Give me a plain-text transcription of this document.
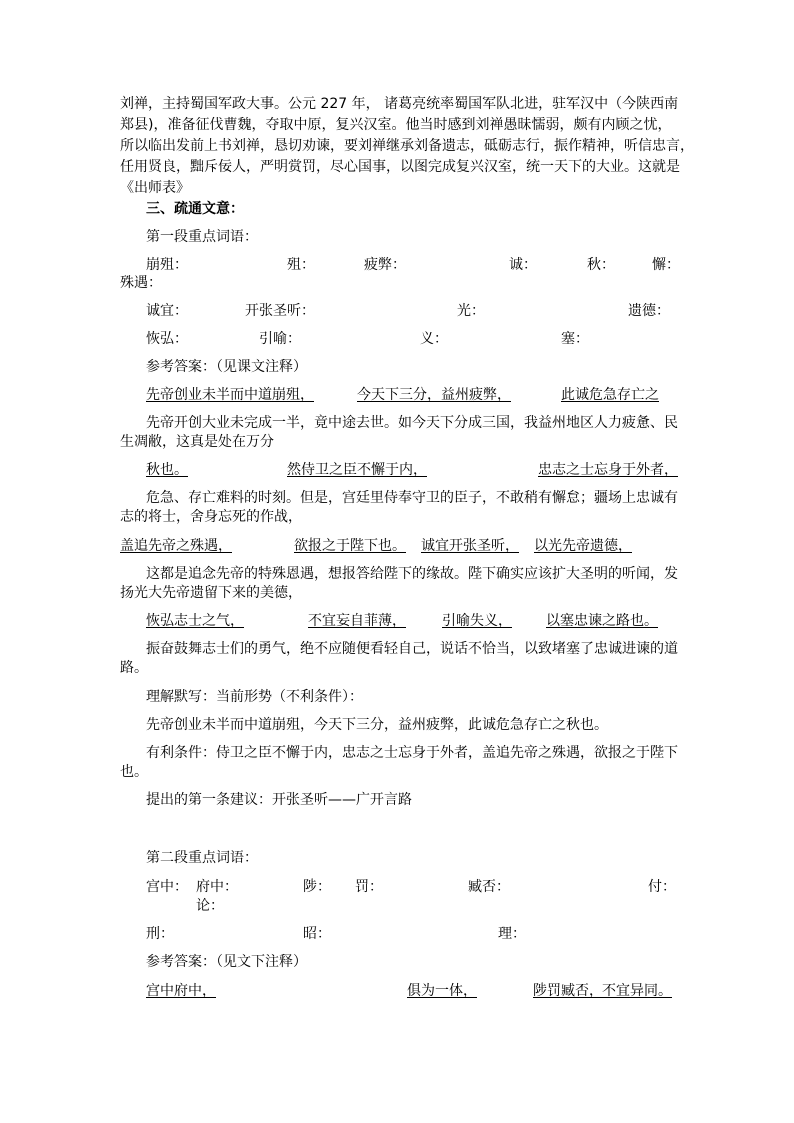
刘禅，主持蜀国军政大事。公元 227 年， 诸葛亮统率蜀国军队北进，驻军汉中（今陕西南
郑县)，准备征伐曹魏，夺取中原，复兴汉室。他当时感到刘禅愚昧懦弱，颇有内顾之忧，
所以临出发前上书刘禅，恳切劝谏，要刘禅继承刘备遗志，砥砺志行，振作精神，听信忠言，
任用贤良，黜斥佞人，严明赏罚，尽心国事，以图完成复兴汉室，统一天下的大业。这就是
《出师表》
三、疏通文意：
第一段重点词语：
崩殂：	殂：	疲弊：	诚：	秋：	懈：
殊遇：
诚宜：	开张圣听：	光：	遗德：
恢弘：	引喻：	义：	塞：
参考答案：（见课文注释）
先帝创业未半而中道崩殂，	今天下三分，益州疲弊，	此诚危急存亡之
先帝开创大业未完成一半，竟中途去世。如今天下分成三国，我益州地区人力疲惫、民
生凋敝，这真是处在万分
秋也。	然侍卫之臣不懈于内，	忠志之士忘身于外者，
危急、存亡难料的时刻。但是，宫廷里侍奉守卫的臣子，不敢稍有懈怠；疆场上忠诚有
志的将士，舍身忘死的作战，
盖追先帝之殊遇，	欲报之于陛下也。 诚宜开张圣听， 以光先帝遗德，
这都是追念先帝的特殊恩遇，想报答给陛下的缘故。陛下确实应该扩大圣明的听闻，发
扬光大先帝遗留下来的美德，
恢弘志士之气，	不宜妄自菲薄，	引喻失义， 以塞忠谏之路也。
振奋鼓舞志士们的勇气，绝不应随便看轻自己，说话不恰当，以致堵塞了忠诚进谏的道
路。
理解默写：当前形势（不利条件）：
先帝创业未半而中道崩殂，今天下三分，益州疲弊，此诚危急存亡之秋也。
有利条件：侍卫之臣不懈于内，忠志之士忘身于外者，盖追先帝之殊遇，欲报之于陛下
也。
提出的第一条建议：开张圣听——广开言路
第二段重点词语：
宫中： 府中：	陟： 罚：	臧否：	付：
论：
刑：	昭：	理：
参考答案：（见文下注释）
宫中府中，	俱为一体，	陟罚臧否， 不宜异同。
